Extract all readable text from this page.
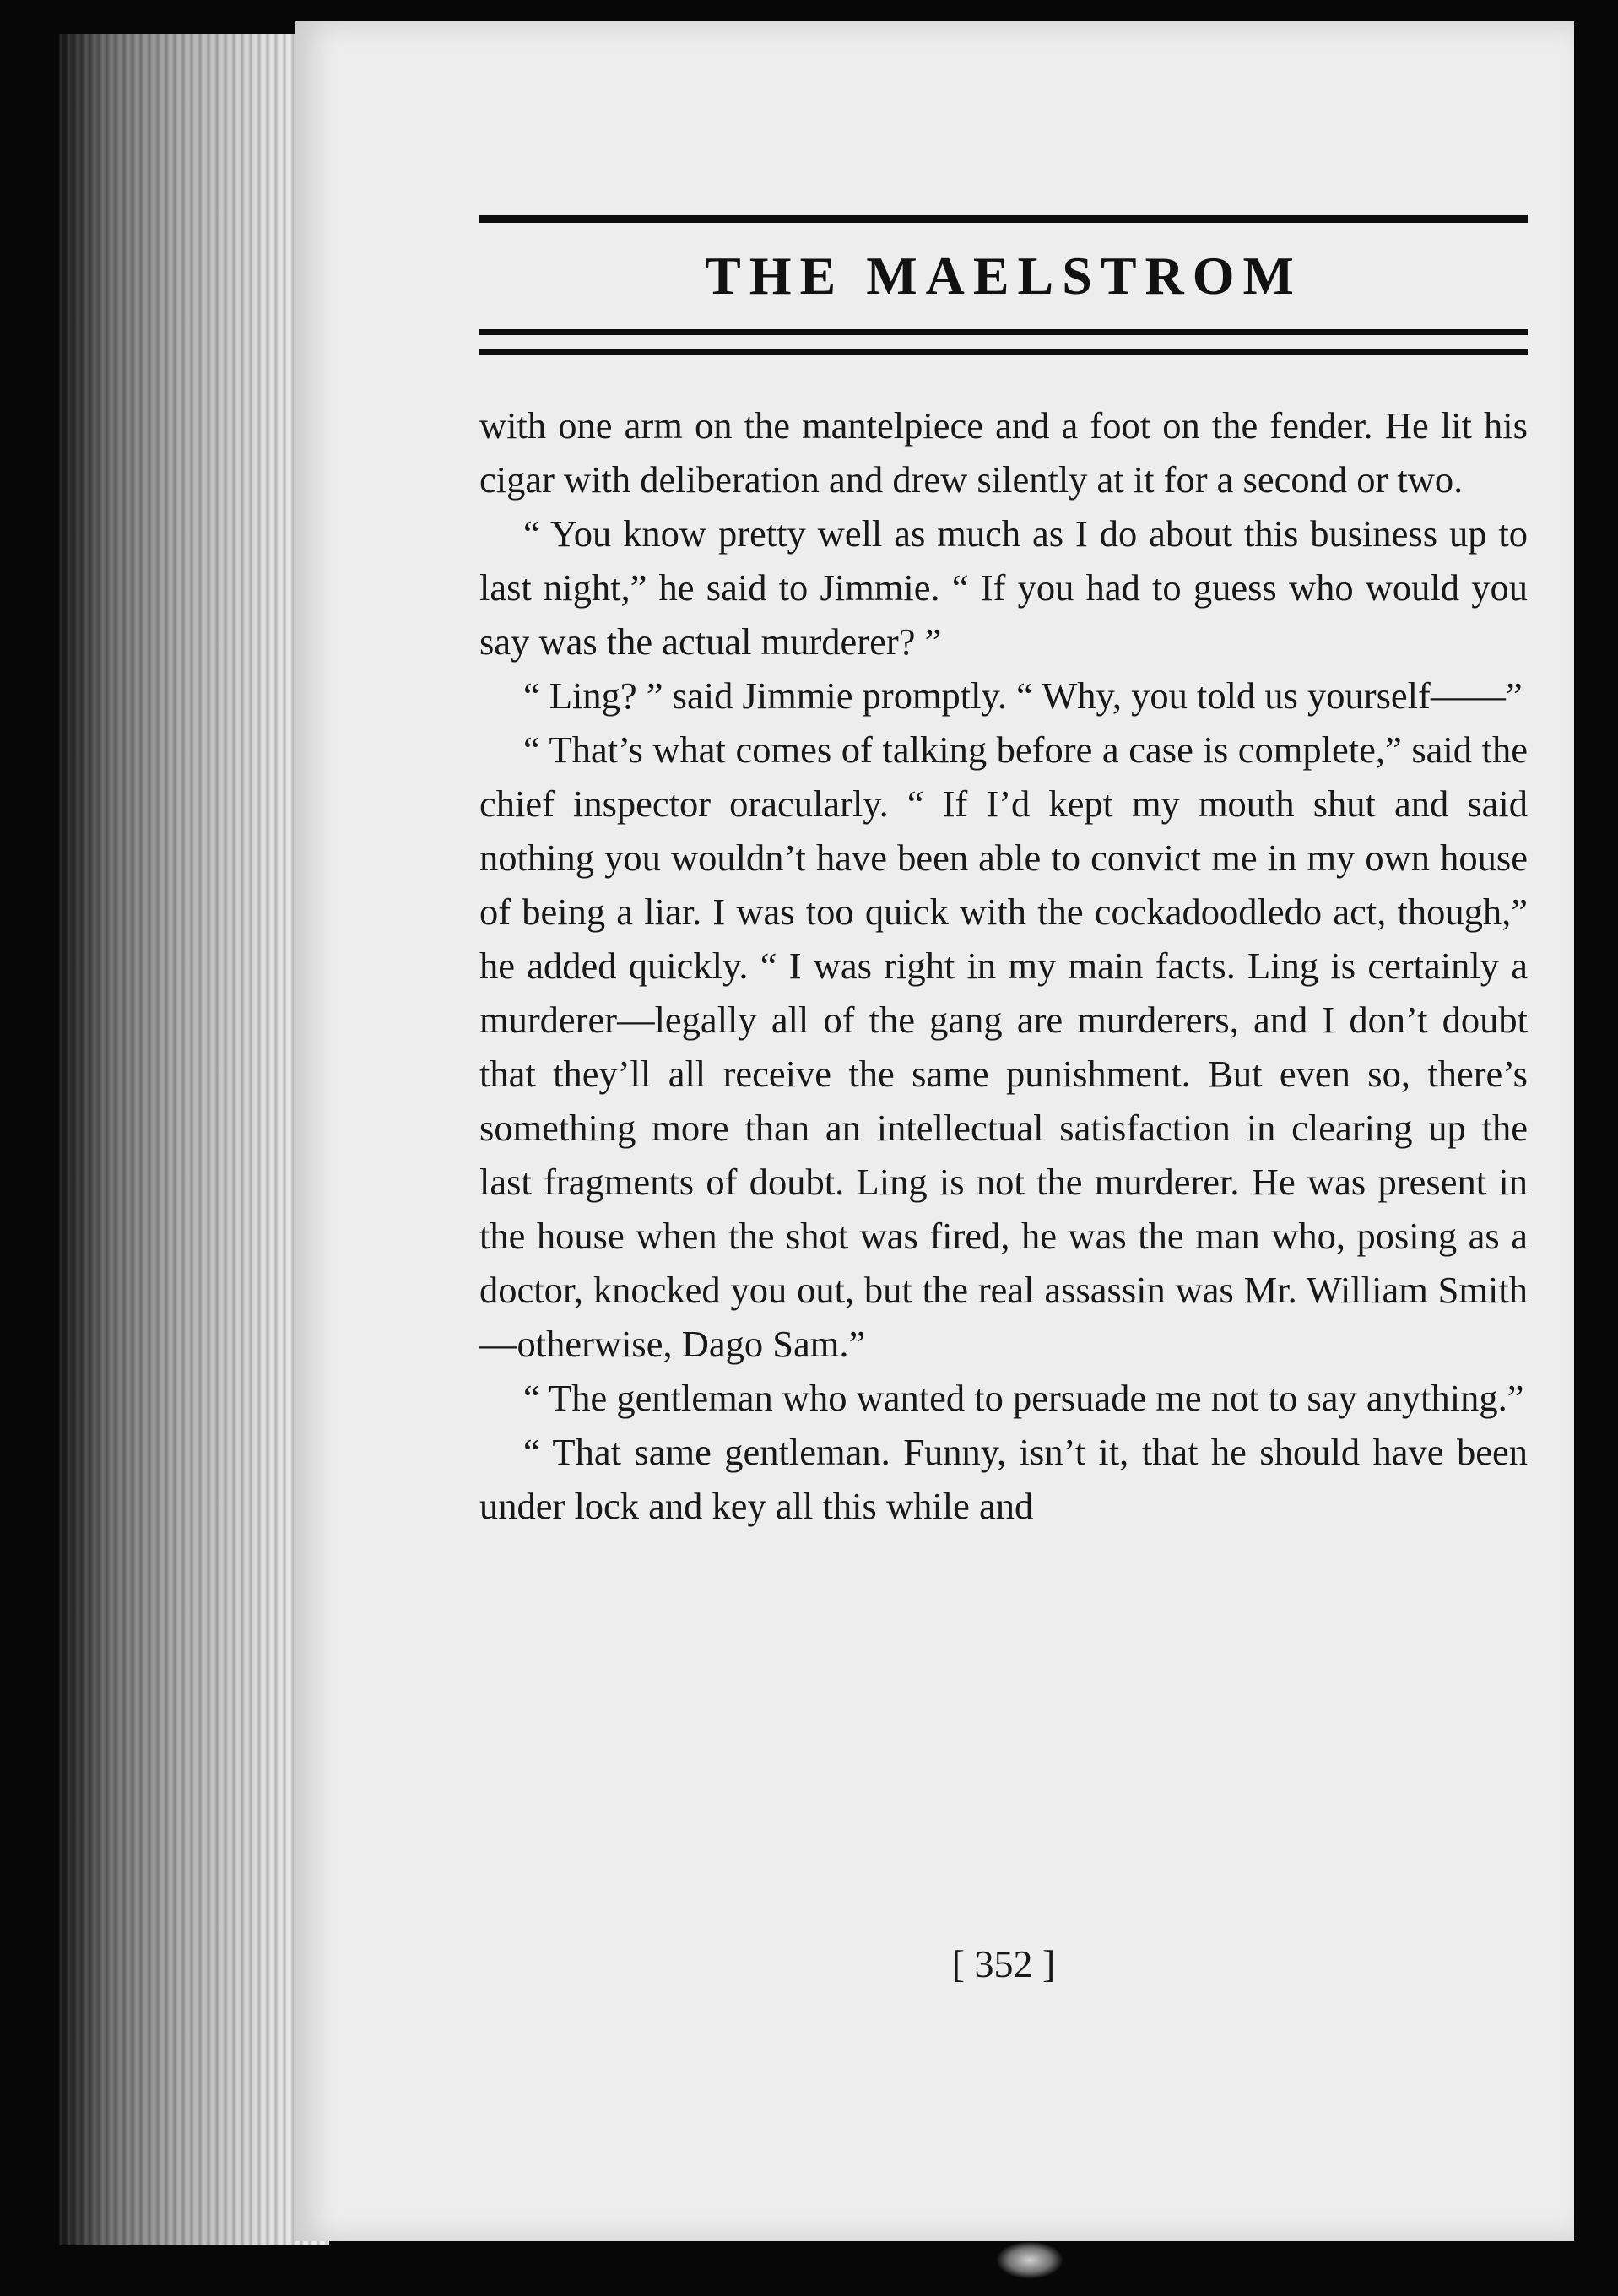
THE MAELSTROM

with one arm on the mantelpiece and a foot on the fender. He lit his cigar with deliberation and drew silently at it for a second or two.

“ You know pretty well as much as I do about this business up to last night,” he said to Jimmie. “ If you had to guess who would you say was the actual murderer? ”

“ Ling? ” said Jimmie promptly. “ Why, you told us yourself——”

“ That’s what comes of talking before a case is complete,” said the chief inspector oracularly. “ If I’d kept my mouth shut and said nothing you wouldn’t have been able to convict me in my own house of being a liar. I was too quick with the cockadoodledo act, though,” he added quickly. “ I was right in my main facts. Ling is certainly a murderer—legally all of the gang are murderers, and I don’t doubt that they’ll all receive the same punishment. But even so, there’s something more than an intellectual satisfaction in clearing up the last fragments of doubt. Ling is not the murderer. He was present in the house when the shot was fired, he was the man who, posing as a doctor, knocked you out, but the real assassin was Mr. William Smith—otherwise, Dago Sam.”

“ The gentleman who wanted to persuade me not to say anything.”

“ That same gentleman. Funny, isn’t it, that he should have been under lock and key all this while and

[ 352 ]
